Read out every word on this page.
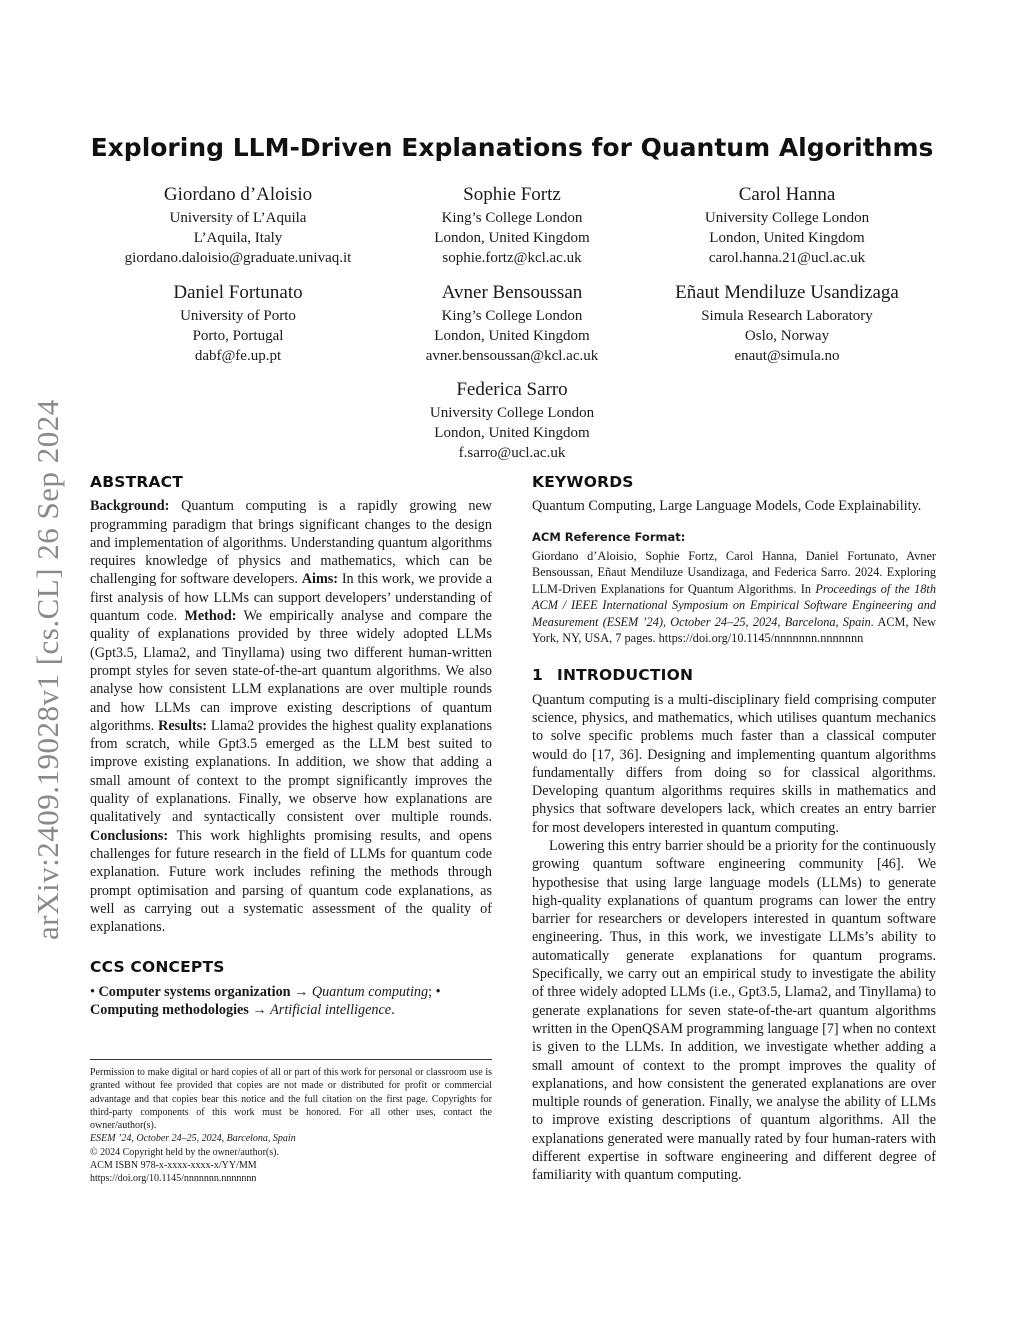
arXiv:2409.19028v1 [cs.CL] 26 Sep 2024
Exploring LLM-Driven Explanations for Quantum Algorithms
Giordano d’Aloisio
University of L’Aquila
L’Aquila, Italy
giordano.daloisio@graduate.univaq.it
Sophie Fortz
King’s College London
London, United Kingdom
sophie.fortz@kcl.ac.uk
Carol Hanna
University College London
London, United Kingdom
carol.hanna.21@ucl.ac.uk
Daniel Fortunato
University of Porto
Porto, Portugal
dabf@fe.up.pt
Avner Bensoussan
King’s College London
London, United Kingdom
avner.bensoussan@kcl.ac.uk
Eñaut Mendiluze Usandizaga
Simula Research Laboratory
Oslo, Norway
enaut@simula.no
Federica Sarro
University College London
London, United Kingdom
f.sarro@ucl.ac.uk
ABSTRACT

Background: Quantum computing is a rapidly growing new programming paradigm that brings significant changes to the design and implementation of algorithms. Understanding quantum algorithms requires knowledge of physics and mathematics, which can be challenging for software developers. Aims: In this work, we provide a first analysis of how LLMs can support developers’ understanding of quantum code. Method: We empirically analyse and compare the quality of explanations provided by three widely adopted LLMs (Gpt3.5, Llama2, and Tinyllama) using two different human-written prompt styles for seven state-of-the-art quantum algorithms. We also analyse how consistent LLM explanations are over multiple rounds and how LLMs can improve existing descriptions of quantum algorithms. Results: Llama2 provides the highest quality explanations from scratch, while Gpt3.5 emerged as the LLM best suited to improve existing explanations. In addition, we show that adding a small amount of context to the prompt significantly improves the quality of explanations. Finally, we observe how explanations are qualitatively and syntactically consistent over multiple rounds. Conclusions: This work highlights promising results, and opens challenges for future research in the field of LLMs for quantum code explanation. Future work includes refining the methods through prompt optimisation and parsing of quantum code explanations, as well as carrying out a systematic assessment of the quality of explanations.

CCS CONCEPTS

• Computer systems organization → Quantum computing; • Computing methodologies → Artificial intelligence.

Permission to make digital or hard copies of all or part of this work for personal or classroom use is granted without fee provided that copies are not made or distributed for profit or commercial advantage and that copies bear this notice and the full citation on the first page. Copyrights for third-party components of this work must be honored. For all other uses, contact the owner/author(s).

ESEM ’24, October 24–25, 2024, Barcelona, Spain

© 2024 Copyright held by the owner/author(s).

ACM ISBN 978-x-xxxx-xxxx-x/YY/MM

https://doi.org/10.1145/nnnnnnn.nnnnnnn

KEYWORDS

Quantum Computing, Large Language Models, Code Explainability.

ACM Reference Format:

Giordano d’Aloisio, Sophie Fortz, Carol Hanna, Daniel Fortunato, Avner Bensoussan, Eñaut Mendiluze Usandizaga, and Federica Sarro. 2024. Exploring LLM-Driven Explanations for Quantum Algorithms. In Proceedings of the 18th ACM / IEEE International Symposium on Empirical Software Engineering and Measurement (ESEM ’24), October 24–25, 2024, Barcelona, Spain. ACM, New York, NY, USA, 7 pages. https://doi.org/10.1145/nnnnnnn.nnnnnnn

1 INTRODUCTION

Quantum computing is a multi-disciplinary field comprising computer science, physics, and mathematics, which utilises quantum mechanics to solve specific problems much faster than a classical computer would do [17, 36]. Designing and implementing quantum algorithms fundamentally differs from doing so for classical algorithms. Developing quantum algorithms requires skills in mathematics and physics that software developers lack, which creates an entry barrier for most developers interested in quantum computing.

Lowering this entry barrier should be a priority for the continuously growing quantum software engineering community [46]. We hypothesise that using large language models (LLMs) to generate high-quality explanations of quantum programs can lower the entry barrier for researchers or developers interested in quantum software engineering. Thus, in this work, we investigate LLMs’s ability to automatically generate explanations for quantum programs. Specifically, we carry out an empirical study to investigate the ability of three widely adopted LLMs (i.e., Gpt3.5, Llama2, and Tinyllama) to generate explanations for seven state-of-the-art quantum algorithms written in the OpenQSAM programming language [7] when no context is given to the LLMs. In addition, we investigate whether adding a small amount of context to the prompt improves the quality of explanations, and how consistent the generated explanations are over multiple rounds of generation. Finally, we analyse the ability of LLMs to improve existing descriptions of quantum algorithms. All the explanations generated were manually rated by four human-raters with different expertise in software engineering and different degree of familiarity with quantum computing.
